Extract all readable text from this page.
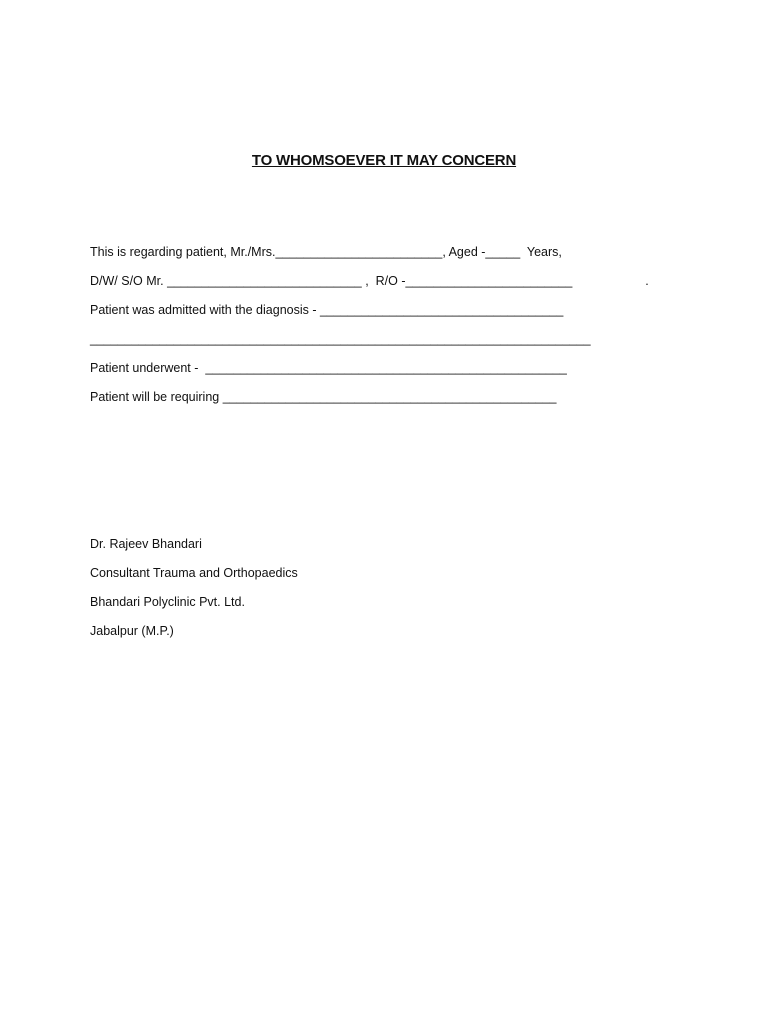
TO WHOMSOEVER IT MAY CONCERN
This is regarding patient, Mr./Mrs.________________________, Aged -_____  Years,
D/W/ S/O Mr. ____________________________ ,  R/O -________________________                     .
Patient was admitted with the diagnosis - ___________________________________
________________________________________________________________________
Patient underwent -  ____________________________________________________
Patient will be requiring ________________________________________________
Dr. Rajeev Bhandari
Consultant Trauma and Orthopaedics
Bhandari Polyclinic Pvt. Ltd.
Jabalpur (M.P.)
